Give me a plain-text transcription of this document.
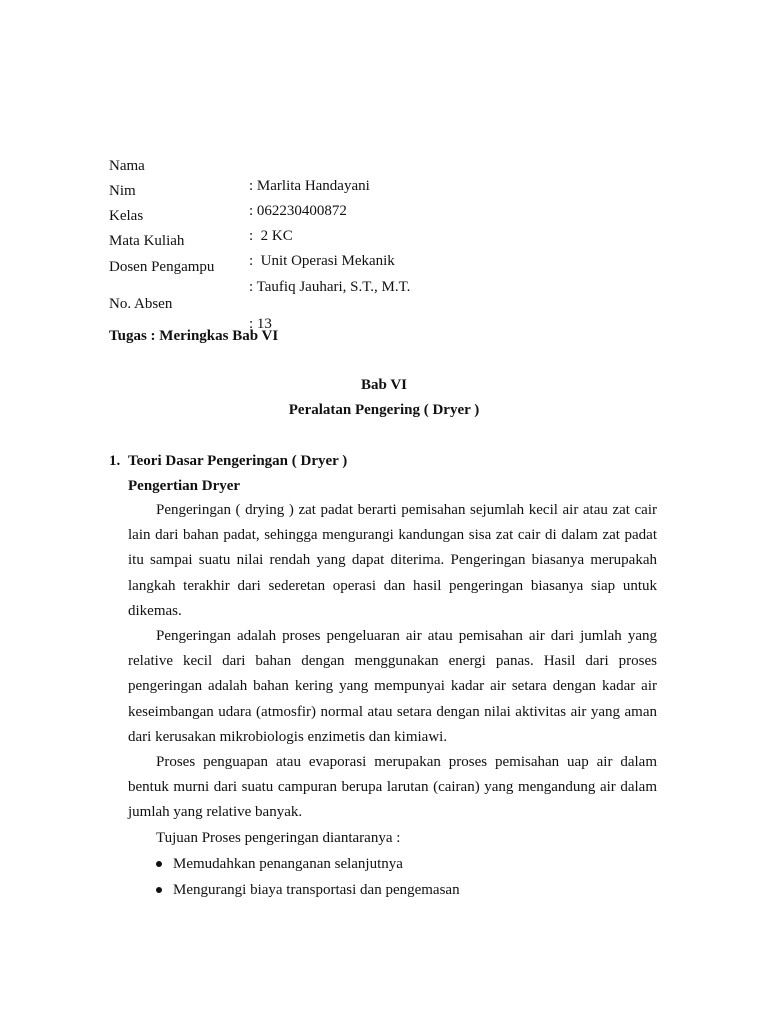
Nama

: Marlita Handayani

Nim

: 062230400872

Kelas

:  2 KC

Mata Kuliah

:  Unit Operasi Mekanik

Dosen Pengampu

: Taufiq Jauhari, S.T., M.T.

No. Absen

: 13

Tugas : Meringkas Bab VI
Bab VI
Peralatan Pengering ( Dryer )
1. Teori Dasar Pengeringan ( Dryer )
Pengertian Dryer

Pengeringan ( drying ) zat padat berarti pemisahan sejumlah kecil air atau zat cair lain dari bahan padat, sehingga mengurangi kandungan sisa zat cair di dalam zat padat itu sampai suatu nilai rendah yang dapat diterima. Pengeringan biasanya merupakah langkah terakhir dari sederetan operasi dan hasil pengeringan biasanya siap untuk dikemas.

Pengeringan adalah proses pengeluaran air atau pemisahan air dari jumlah yang relative kecil dari bahan dengan menggunakan energi panas. Hasil dari proses pengeringan adalah bahan kering yang mempunyai kadar air setara dengan kadar air keseimbangan udara (atmosfir) normal atau setara dengan nilai aktivitas air yang aman dari kerusakan mikrobiologis enzimetis dan kimiawi.

Proses penguapan atau evaporasi merupakan proses pemisahan uap air dalam bentuk murni dari suatu campuran berupa larutan (cairan) yang mengandung air dalam jumlah yang relative banyak.

Tujuan Proses pengeringan diantaranya :

Memudahkan penanganan selanjutnya
Mengurangi biaya transportasi dan pengemasan
